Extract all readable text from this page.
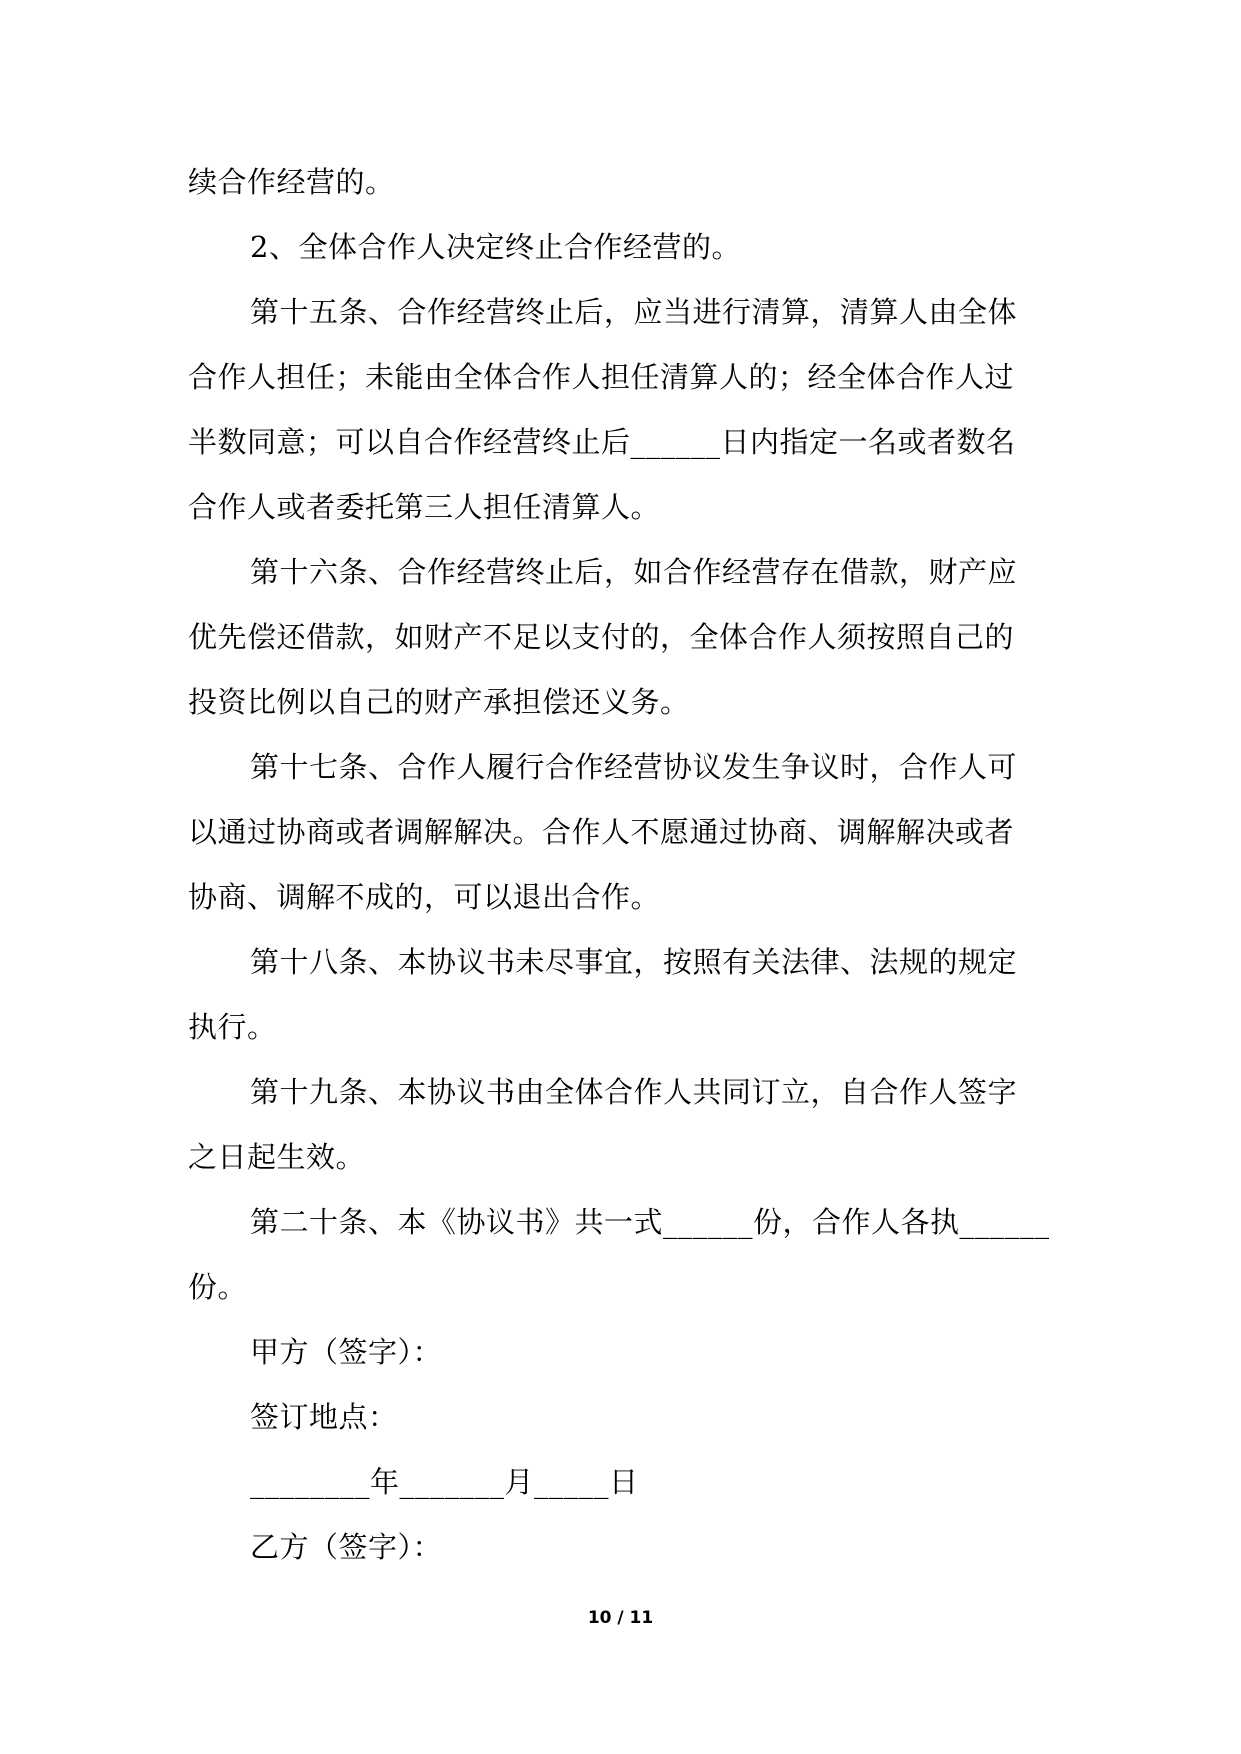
续合作经营的。
2、全体合作人决定终止合作经营的。
第十五条、合作经营终止后，应当进行清算，清算人由全体
合作人担任；未能由全体合作人担任清算人的；经全体合作人过
半数同意；可以自合作经营终止后______日内指定一名或者数名
合作人或者委托第三人担任清算人。
第十六条、合作经营终止后，如合作经营存在借款，财产应
优先偿还借款，如财产不足以支付的，全体合作人须按照自己的
投资比例以自己的财产承担偿还义务。
第十七条、合作人履行合作经营协议发生争议时，合作人可
以通过协商或者调解解决。合作人不愿通过协商、调解解决或者
协商、调解不成的，可以退出合作。
第十八条、本协议书未尽事宜，按照有关法律、法规的规定
执行。
第十九条、本协议书由全体合作人共同订立，自合作人签字
之日起生效。
第二十条、本《协议书》共一式______份，合作人各执______
份。
甲方（签字）：
签订地点：
________年_______月_____日
乙方（签字）：
10 / 11
